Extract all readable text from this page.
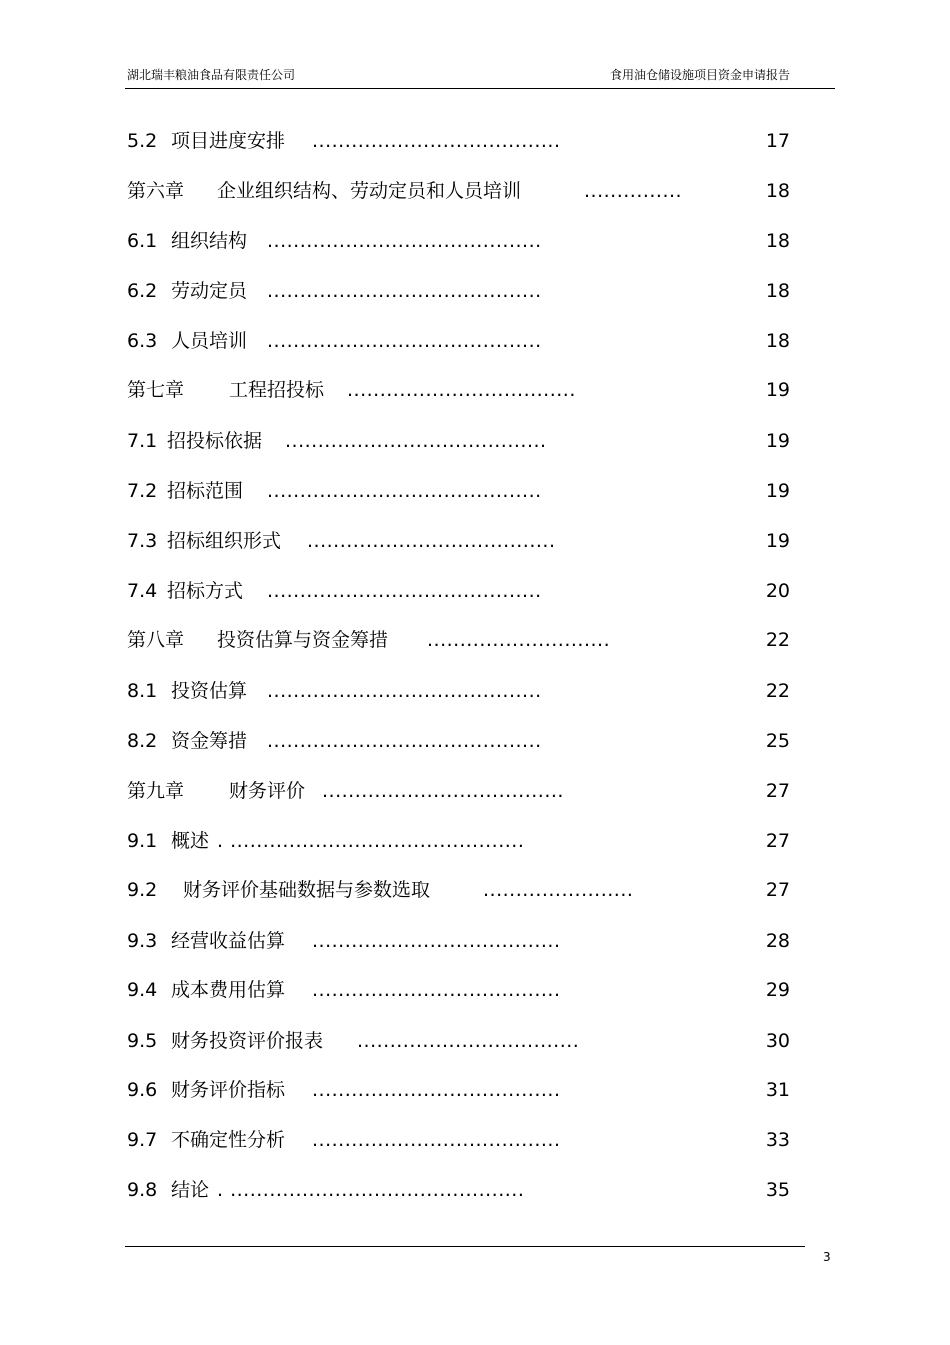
湖北瑞丰粮油食品有限责任公司	食用油仓储设施项目资金申请报告
5.2 项目进度安排 ......................................	17
第六章 企业组织结构、劳动定员和人员培训	...............	18
6.1 组织结构 ..........................................	18
6.2 劳动定员 ..........................................	18
6.3 人员培训 ..........................................	18
第七章 工程招投标 ...................................	19
7.1 招投标依据 ........................................	19
7.2 招标范围 ..........................................	19
7.3 招标组织形式 ......................................	19
7.4 招标方式 ..........................................	20
第八章 投资估算与资金筹措 ............................	22
8.1 投资估算 ..........................................	22
8.2 资金筹措 ..........................................	25
第九章 财务评价 .....................................	27
9.1 概述 . .............................................	27
9.2 财务评价基础数据与参数选取	.......................	27
9.3 经营收益估算 ......................................	28
9.4 成本费用估算 ......................................	29
9.5 财务投资评价报表 ..................................	30
9.6 财务评价指标 ......................................	31
9.7 不确定性分析 ......................................	33
9.8 结论 . .............................................	35
3
